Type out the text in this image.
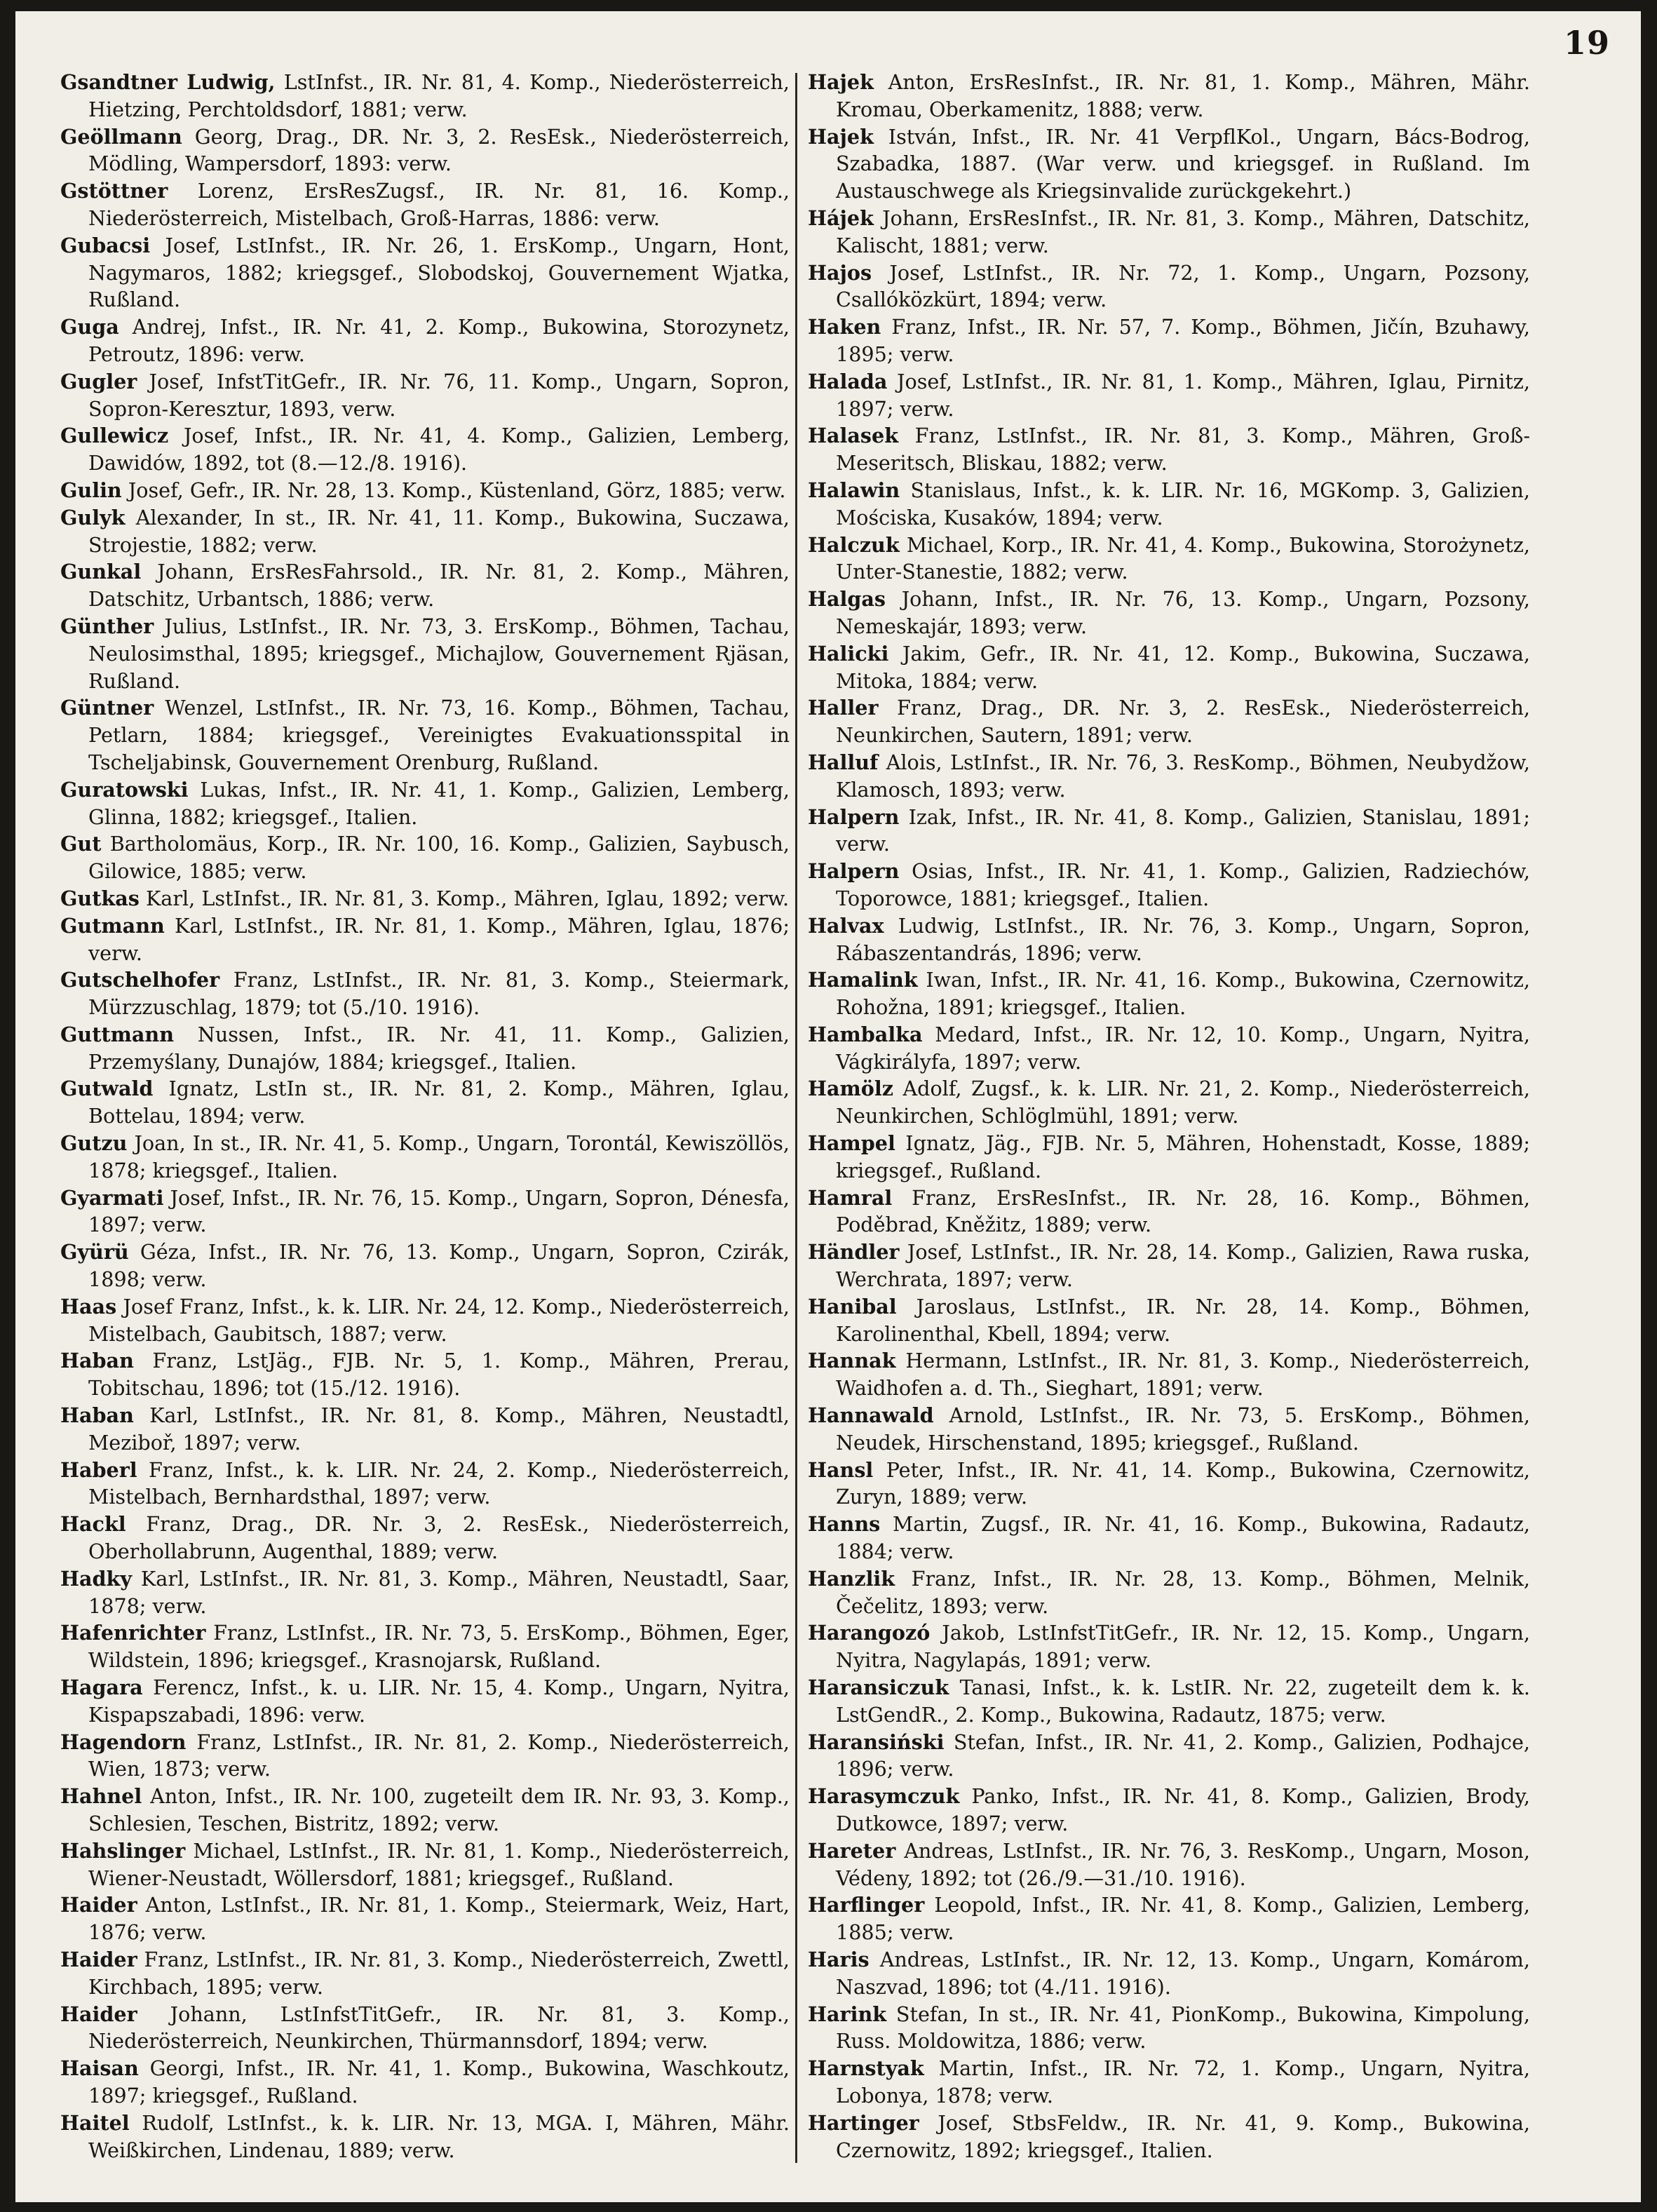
19

Gsandtner Ludwig, LstInfst., IR. Nr. 81, 4. Komp., Niederösterreich, Hietzing, Perchtoldsdorf, 1881; verw.

Geöllmann Georg, Drag., DR. Nr. 3, 2. ResEsk., Niederösterreich, Mödling, Wampersdorf, 1893: verw.

Gstöttner Lorenz, ErsResZugsf., IR. Nr. 81, 16. Komp., Niederösterreich, Mistelbach, Groß-Harras, 1886: verw.

Gubacsi Josef, LstInfst., IR. Nr. 26, 1. ErsKomp., Ungarn, Hont, Nagymaros, 1882; kriegsgef., Slobodskoj, Gouvernement Wjatka, Rußland.

Guga Andrej, Infst., IR. Nr. 41, 2. Komp., Bukowina, Storozynetz, Petroutz, 1896: verw.

Gugler Josef, InfstTitGefr., IR. Nr. 76, 11. Komp., Ungarn, Sopron, Sopron-Keresztur, 1893, verw.

Gullewicz Josef, Infst., IR. Nr. 41, 4. Komp., Galizien, Lemberg, Dawidów, 1892, tot (8.—12./8. 1916).

Gulin Josef, Gefr., IR. Nr. 28, 13. Komp., Küstenland, Görz, 1885; verw.

Gulyk Alexander, In st., IR. Nr. 41, 11. Komp., Bukowina, Suczawa, Strojestie, 1882; verw.

Gunkal Johann, ErsResFahrsold., IR. Nr. 81, 2. Komp., Mähren, Datschitz, Urbantsch, 1886; verw.

Günther Julius, LstInfst., IR. Nr. 73, 3. ErsKomp., Böhmen, Tachau, Neulosimsthal, 1895; kriegsgef., Michajlow, Gouvernement Rjäsan, Rußland.

Güntner Wenzel, LstInfst., IR. Nr. 73, 16. Komp., Böhmen, Tachau, Petlarn, 1884; kriegsgef., Vereinigtes Evakuationsspital in Tscheljabinsk, Gouvernement Orenburg, Rußland.

Guratowski Lukas, Infst., IR. Nr. 41, 1. Komp., Galizien, Lemberg, Glinna, 1882; kriegsgef., Italien.

Gut Bartholomäus, Korp., IR. Nr. 100, 16. Komp., Galizien, Saybusch, Gilowice, 1885; verw.

Gutkas Karl, LstInfst., IR. Nr. 81, 3. Komp., Mähren, Iglau, 1892; verw.

Gutmann Karl, LstInfst., IR. Nr. 81, 1. Komp., Mähren, Iglau, 1876; verw.

Gutschelhofer Franz, LstInfst., IR. Nr. 81, 3. Komp., Steiermark, Mürzzuschlag, 1879; tot (5./10. 1916).

Guttmann Nussen, Infst., IR. Nr. 41, 11. Komp., Galizien, Przemyślany, Dunajów, 1884; kriegsgef., Italien.

Gutwald Ignatz, LstIn st., IR. Nr. 81, 2. Komp., Mähren, Iglau, Bottelau, 1894; verw.

Gutzu Joan, In st., IR. Nr. 41, 5. Komp., Ungarn, Torontál, Kewiszöllös, 1878; kriegsgef., Italien.

Gyarmati Josef, Infst., IR. Nr. 76, 15. Komp., Ungarn, Sopron, Dénesfa, 1897; verw.

Gyürü Géza, Infst., IR. Nr. 76, 13. Komp., Ungarn, Sopron, Czirák, 1898; verw.

Haas Josef Franz, Infst., k. k. LIR. Nr. 24, 12. Komp., Niederösterreich, Mistelbach, Gaubitsch, 1887; verw.

Haban Franz, LstJäg., FJB. Nr. 5, 1. Komp., Mähren, Prerau, Tobitschau, 1896; tot (15./12. 1916).

Haban Karl, LstInfst., IR. Nr. 81, 8. Komp., Mähren, Neustadtl, Meziboř, 1897; verw.

Haberl Franz, Infst., k. k. LIR. Nr. 24, 2. Komp., Niederösterreich, Mistelbach, Bernhardsthal, 1897; verw.

Hackl Franz, Drag., DR. Nr. 3, 2. ResEsk., Niederösterreich, Oberhollabrunn, Augenthal, 1889; verw.

Hadky Karl, LstInfst., IR. Nr. 81, 3. Komp., Mähren, Neustadtl, Saar, 1878; verw.

Hafenrichter Franz, LstInfst., IR. Nr. 73, 5. ErsKomp., Böhmen, Eger, Wildstein, 1896; kriegsgef., Krasnojarsk, Rußland.

Hagara Ferencz, Infst., k. u. LIR. Nr. 15, 4. Komp., Ungarn, Nyitra, Kispapszabadi, 1896: verw.

Hagendorn Franz, LstInfst., IR. Nr. 81, 2. Komp., Niederösterreich, Wien, 1873; verw.

Hahnel Anton, Infst., IR. Nr. 100, zugeteilt dem IR. Nr. 93, 3. Komp., Schlesien, Teschen, Bistritz, 1892; verw.

Hahslinger Michael, LstInfst., IR. Nr. 81, 1. Komp., Niederösterreich, Wiener-Neustadt, Wöllersdorf, 1881; kriegsgef., Rußland.

Haider Anton, LstInfst., IR. Nr. 81, 1. Komp., Steiermark, Weiz, Hart, 1876; verw.

Haider Franz, LstInfst., IR. Nr. 81, 3. Komp., Niederösterreich, Zwettl, Kirchbach, 1895; verw.

Haider Johann, LstInfstTitGefr., IR. Nr. 81, 3. Komp., Niederösterreich, Neunkirchen, Thürmannsdorf, 1894; verw.

Haisan Georgi, Infst., IR. Nr. 41, 1. Komp., Bukowina, Waschkoutz, 1897; kriegsgef., Rußland.

Haitel Rudolf, LstInfst., k. k. LIR. Nr. 13, MGA. I, Mähren, Mähr. Weißkirchen, Lindenau, 1889; verw.

Hajek Anton, ErsResInfst., IR. Nr. 81, 1. Komp., Mähren, Mähr. Kromau, Oberkamenitz, 1888; verw.

Hajek István, Infst., IR. Nr. 41 VerpflKol., Ungarn, Bács-Bodrog, Szabadka, 1887. (War verw. und kriegsgef. in Rußland. Im Austauschwege als Kriegsinvalide zurückgekehrt.)

Hájek Johann, ErsResInfst., IR. Nr. 81, 3. Komp., Mähren, Datschitz, Kalischt, 1881; verw.

Hajos Josef, LstInfst., IR. Nr. 72, 1. Komp., Ungarn, Pozsony, Csallóközkürt, 1894; verw.

Haken Franz, Infst., IR. Nr. 57, 7. Komp., Böhmen, Jičín, Bzuhawy, 1895; verw.

Halada Josef, LstInfst., IR. Nr. 81, 1. Komp., Mähren, Iglau, Pirnitz, 1897; verw.

Halasek Franz, LstInfst., IR. Nr. 81, 3. Komp., Mähren, Groß-Meseritsch, Bliskau, 1882; verw.

Halawin Stanislaus, Infst., k. k. LIR. Nr. 16, MGKomp. 3, Galizien, Mościska, Kusaków, 1894; verw.

Halczuk Michael, Korp., IR. Nr. 41, 4. Komp., Bukowina, Storożynetz, Unter-Stanestie, 1882; verw.

Halgas Johann, Infst., IR. Nr. 76, 13. Komp., Ungarn, Pozsony, Nemeskajár, 1893; verw.

Halicki Jakim, Gefr., IR. Nr. 41, 12. Komp., Bukowina, Suczawa, Mitoka, 1884; verw.

Haller Franz, Drag., DR. Nr. 3, 2. ResEsk., Niederösterreich, Neunkirchen, Sautern, 1891; verw.

Halluf Alois, LstInfst., IR. Nr. 76, 3. ResKomp., Böhmen, Neubydžow, Klamosch, 1893; verw.

Halpern Izak, Infst., IR. Nr. 41, 8. Komp., Galizien, Stanislau, 1891; verw.

Halpern Osias, Infst., IR. Nr. 41, 1. Komp., Galizien, Radziechów, Toporowce, 1881; kriegsgef., Italien.

Halvax Ludwig, LstInfst., IR. Nr. 76, 3. Komp., Ungarn, Sopron, Rábaszentandrás, 1896; verw.

Hamalink Iwan, Infst., IR. Nr. 41, 16. Komp., Bukowina, Czernowitz, Rohožna, 1891; kriegsgef., Italien.

Hambalka Medard, Infst., IR. Nr. 12, 10. Komp., Ungarn, Nyitra, Vágkirályfa, 1897; verw.

Hamölz Adolf, Zugsf., k. k. LIR. Nr. 21, 2. Komp., Niederösterreich, Neunkirchen, Schlöglmühl, 1891; verw.

Hampel Ignatz, Jäg., FJB. Nr. 5, Mähren, Hohenstadt, Kosse, 1889; kriegsgef., Rußland.

Hamral Franz, ErsResInfst., IR. Nr. 28, 16. Komp., Böhmen, Poděbrad, Kněžitz, 1889; verw.

Händler Josef, LstInfst., IR. Nr. 28, 14. Komp., Galizien, Rawa ruska, Werchrata, 1897; verw.

Hanibal Jaroslaus, LstInfst., IR. Nr. 28, 14. Komp., Böhmen, Karolinenthal, Kbell, 1894; verw.

Hannak Hermann, LstInfst., IR. Nr. 81, 3. Komp., Niederösterreich, Waidhofen a. d. Th., Sieghart, 1891; verw.

Hannawald Arnold, LstInfst., IR. Nr. 73, 5. ErsKomp., Böhmen, Neudek, Hirschenstand, 1895; kriegsgef., Rußland.

Hansl Peter, Infst., IR. Nr. 41, 14. Komp., Bukowina, Czernowitz, Zuryn, 1889; verw.

Hanns Martin, Zugsf., IR. Nr. 41, 16. Komp., Bukowina, Radautz, 1884; verw.

Hanzlik Franz, Infst., IR. Nr. 28, 13. Komp., Böhmen, Melnik, Čečelitz, 1893; verw.

Harangozó Jakob, LstInfstTitGefr., IR. Nr. 12, 15. Komp., Ungarn, Nyitra, Nagylapás, 1891; verw.

Haransiczuk Tanasi, Infst., k. k. LstIR. Nr. 22, zugeteilt dem k. k. LstGendR., 2. Komp., Bukowina, Radautz, 1875; verw.

Haransiński Stefan, Infst., IR. Nr. 41, 2. Komp., Galizien, Podhajce, 1896; verw.

Harasymczuk Panko, Infst., IR. Nr. 41, 8. Komp., Galizien, Brody, Dutkowce, 1897; verw.

Hareter Andreas, LstInfst., IR. Nr. 76, 3. ResKomp., Ungarn, Moson, Védeny, 1892; tot (26./9.—31./10. 1916).

Harflinger Leopold, Infst., IR. Nr. 41, 8. Komp., Galizien, Lemberg, 1885; verw.

Haris Andreas, LstInfst., IR. Nr. 12, 13. Komp., Ungarn, Komárom, Naszvad, 1896; tot (4./11. 1916).

Harink Stefan, In st., IR. Nr. 41, PionKomp., Bukowina, Kimpolung, Russ. Moldowitza, 1886; verw.

Harnstyak Martin, Infst., IR. Nr. 72, 1. Komp., Ungarn, Nyitra, Lobonya, 1878; verw.

Hartinger Josef, StbsFeldw., IR. Nr. 41, 9. Komp., Bukowina, Czernowitz, 1892; kriegsgef., Italien.
